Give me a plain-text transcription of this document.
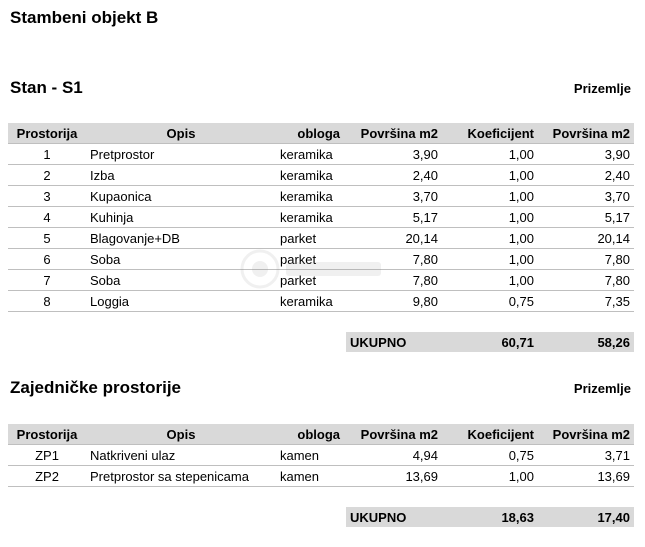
Stambeni objekt B
Stan - S1	Prizemlje
Prostorija	Opis	obloga	Površina m2	Koeficijent	Površina m2
1	Pretprostor	keramika	3,90	1,00	3,90
2	Izba	keramika	2,40	1,00	2,40
3	Kupaonica	keramika	3,70	1,00	3,70
4	Kuhinja	keramika	5,17	1,00	5,17
5	Blagovanje+DB	parket	20,14	1,00	20,14
6	Soba	parket	7,80	1,00	7,80
7	Soba	parket	7,80	1,00	7,80
8	Loggia	keramika	9,80	0,75	7,35

			UKUPNO	60,71	58,26
Zajedničke prostorije	Prizemlje
Prostorija	Opis	obloga	Površina m2	Koeficijent	Površina m2
ZP1	Natkriveni ulaz	kamen	4,94	0,75	3,71
ZP2	Pretprostor sa stepenicama	kamen	13,69	1,00	13,69

			UKUPNO	18,63	17,40
